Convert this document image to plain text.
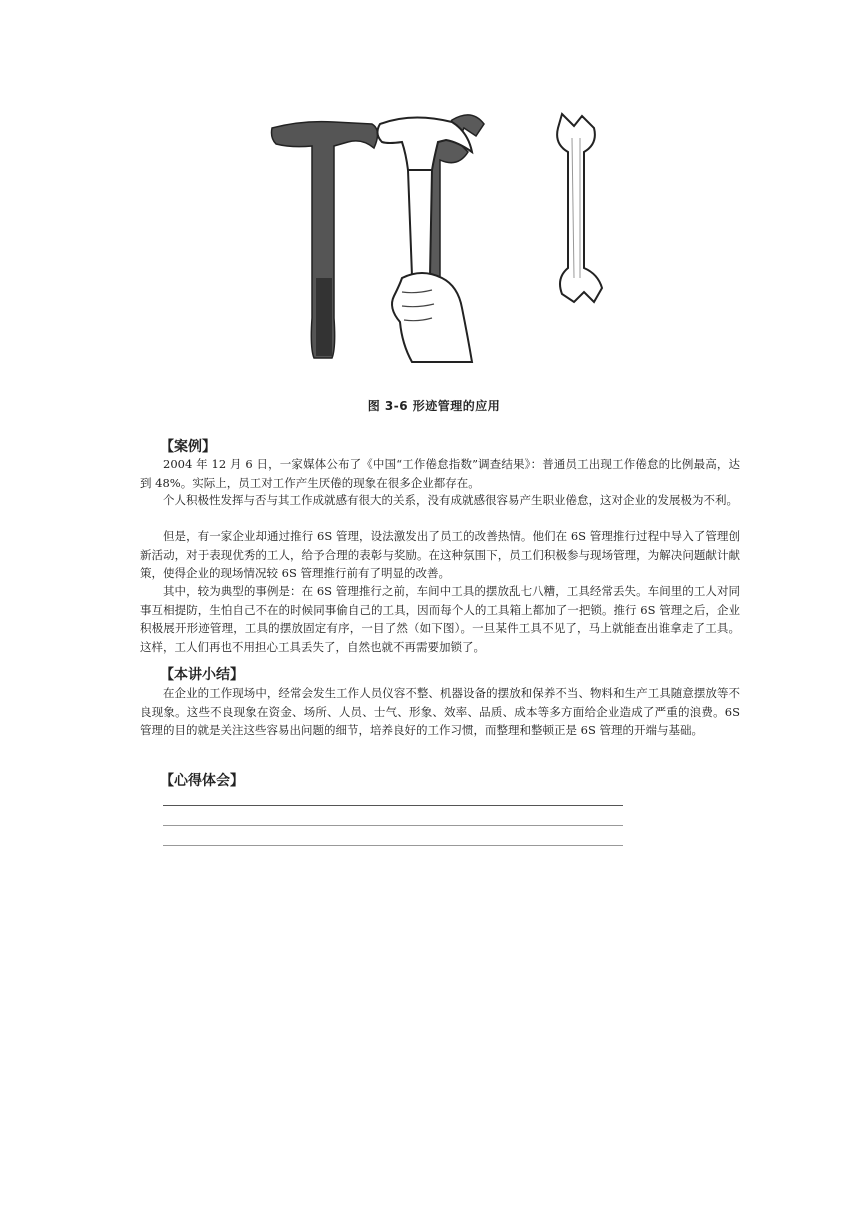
图 3-6 形迹管理的应用
【案例】

2004 年 12 月 6 日，一家媒体公布了《中国“工作倦怠指数”调查结果》：普通员工出现工作倦怠的比例最高，达到 48%。实际上，员工对工作产生厌倦的现象在很多企业都存在。

个人积极性发挥与否与其工作成就感有很大的关系，没有成就感很容易产生职业倦怠，这对企业的发展极为不利。

但是，有一家企业却通过推行 6S 管理，设法激发出了员工的改善热情。他们在 6S 管理推行过程中导入了管理创新活动，对于表现优秀的工人，给予合理的表彰与奖励。在这种氛围下，员工们积极参与现场管理，为解决问题献计献策，使得企业的现场情况较 6S 管理推行前有了明显的改善。

其中，较为典型的事例是：在 6S 管理推行之前，车间中工具的摆放乱七八糟，工具经常丢失。车间里的工人对同事互相提防，生怕自己不在的时候同事偷自己的工具，因而每个人的工具箱上都加了一把锁。推行 6S 管理之后，企业积极展开形迹管理，工具的摆放固定有序，一目了然（如下图）。一旦某件工具不见了，马上就能查出谁拿走了工具。这样，工人们再也不用担心工具丢失了，自然也就不再需要加锁了。

【本讲小结】

在企业的工作现场中，经常会发生工作人员仪容不整、机器设备的摆放和保养不当、物料和生产工具随意摆放等不良现象。这些不良现象在资金、场所、人员、士气、形象、效率、品质、成本等多方面给企业造成了严重的浪费。6S 管理的目的就是关注这些容易出问题的细节，培养良好的工作习惯，而整理和整顿正是 6S 管理的开端与基础。

【心得体会】
